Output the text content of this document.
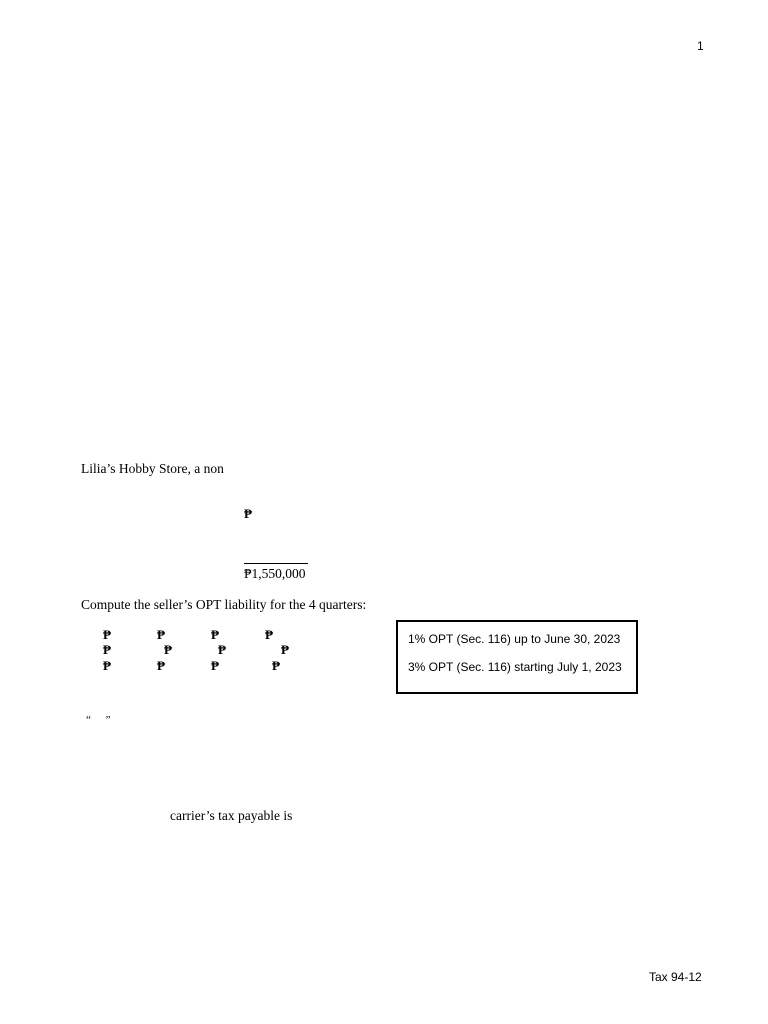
1
Lilia’s Hobby Store, a non
₱
₱1,550,000
Compute the seller’s OPT liability for the 4 quarters:
₱	₱	₱	₱
₱	₱	₱	₱
₱	₱	₱	₱
1% OPT (Sec. 116) up to June 30, 2023
3% OPT (Sec. 116) starting July 1, 2023
“ ”
carrier’s tax payable is
Tax 94-12
